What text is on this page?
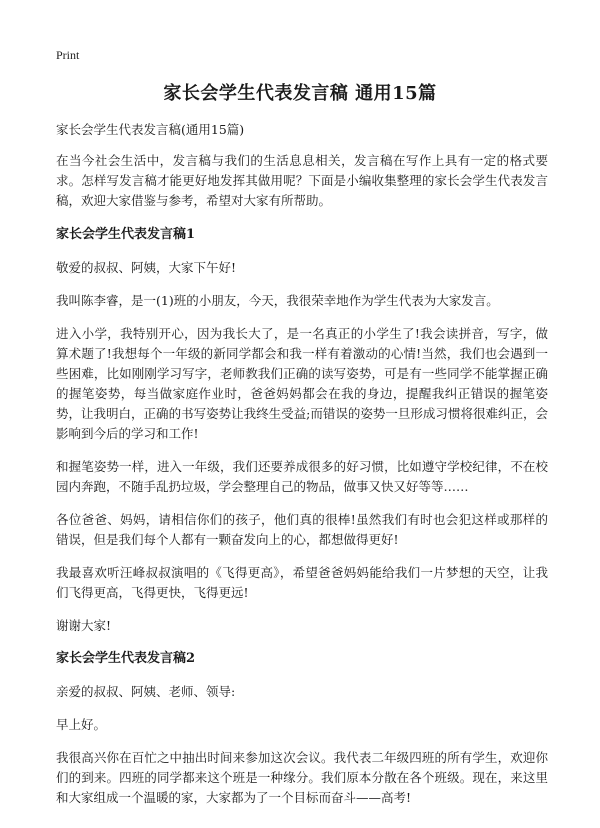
Print
家长会学生代表发言稿 通用15篇

家长会学生代表发言稿(通用15篇)

在当今社会生活中，发言稿与我们的生活息息相关，发言稿在写作上具有一定的格式要求。怎样写发言稿才能更好地发挥其做用呢？下面是小编收集整理的家长会学生代表发言稿，欢迎大家借鉴与参考，希望对大家有所帮助。

家长会学生代表发言稿1

敬爱的叔叔、阿姨，大家下午好!

我叫陈李睿，是一(1)班的小朋友，今天，我很荣幸地作为学生代表为大家发言。

进入小学，我特别开心，因为我长大了，是一名真正的小学生了!我会读拼音，写字，做算术题了!我想每个一年级的新同学都会和我一样有着激动的心情!当然，我们也会遇到一些困难，比如刚刚学习写字，老师教我们正确的读写姿势，可是有一些同学不能掌握正确的握笔姿势，每当做家庭作业时，爸爸妈妈都会在我的身边，提醒我纠正错误的握笔姿势，让我明白，正确的书写姿势让我终生受益;而错误的姿势一旦形成习惯将很难纠正，会影响到今后的学习和工作!

和握笔姿势一样，进入一年级，我们还要养成很多的好习惯，比如遵守学校纪律，不在校园内奔跑，不随手乱扔垃圾，学会整理自己的物品，做事又快又好等等……

各位爸爸、妈妈，请相信你们的孩子，他们真的很棒!虽然我们有时也会犯这样或那样的错误，但是我们每个人都有一颗奋发向上的心，都想做得更好!

我最喜欢听汪峰叔叔演唱的《飞得更高》，希望爸爸妈妈能给我们一片梦想的天空，让我们飞得更高，飞得更快，飞得更远!

谢谢大家!

家长会学生代表发言稿2

亲爱的叔叔、阿姨、老师、领导:

早上好。

我很高兴你在百忙之中抽出时间来参加这次会议。我代表二年级四班的所有学生，欢迎你们的到来。四班的同学都来这个班是一种缘分。我们原本分散在各个班级。现在，来这里和大家组成一个温暖的家，大家都为了一个目标而奋斗——高考!
